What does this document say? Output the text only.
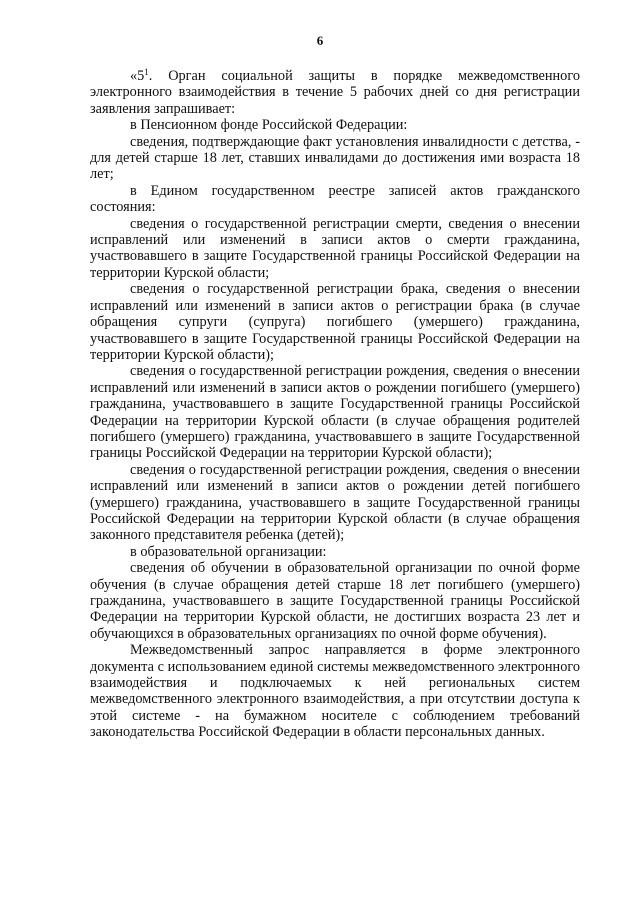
6

«$5^1$. Орган социальной защиты в порядке межведомственного электронного взаимодействия в течение 5 рабочих дней со дня регистрации заявления запрашивает:

в Пенсионном фонде Российской Федерации:

сведения, подтверждающие факт установления инвалидности с детства, - для детей старше 18 лет, ставших инвалидами до достижения ими возраста 18 лет;

в Едином государственном реестре записей актов гражданского состояния:

сведения о государственной регистрации смерти, сведения о внесении исправлений или изменений в записи актов о смерти гражданина, участвовавшего в защите Государственной границы Российской Федерации на территории Курской области;

сведения о государственной регистрации брака, сведения о внесении исправлений или изменений в записи актов о регистрации брака (в случае обращения супруги (супруга) погибшего (умершего) гражданина, участвовавшего в защите Государственной границы Российской Федерации на территории Курской области);

сведения о государственной регистрации рождения, сведения о внесении исправлений или изменений в записи актов о рождении погибшего (умершего) гражданина, участвовавшего в защите Государственной границы Российской Федерации на территории Курской области (в случае обращения родителей погибшего (умершего) гражданина, участвовавшего в защите Государственной границы Российской Федерации на территории Курской области);

сведения о государственной регистрации рождения, сведения о внесении исправлений или изменений в записи актов о рождении детей погибшего (умершего) гражданина, участвовавшего в защите Государственной границы Российской Федерации на территории Курской области (в случае обращения законного представителя ребенка (детей);

в образовательной организации:

сведения об обучении в образовательной организации по очной форме обучения (в случае обращения детей старше 18 лет погибшего (умершего) гражданина, участвовавшего в защите Государственной границы Российской Федерации на территории Курской области, не достигших возраста 23 лет и обучающихся в образовательных организациях по очной форме обучения).

Межведомственный запрос направляется в форме электронного документа с использованием единой системы межведомственного электронного взаимодействия и подключаемых к ней региональных систем межведомственного электронного взаимодействия, а при отсутствии доступа к этой системе - на бумажном носителе с соблюдением требований законодательства Российской Федерации в области персональных данных.
